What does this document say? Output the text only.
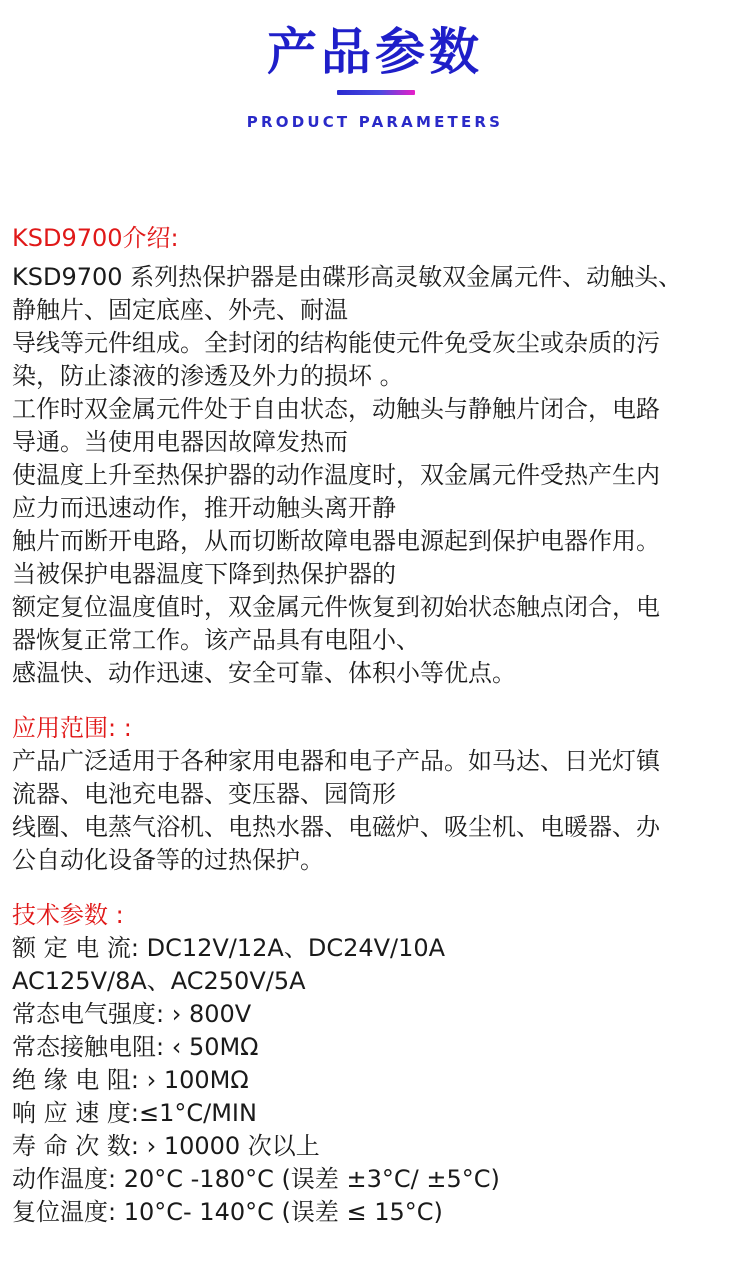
产品参数
PRODUCT PARAMETERS

KSD9700介绍:

KSD9700 系列热保护器是由碟形高灵敏双金属元件、动触头、
静触片、固定底座、外壳、耐温
导线等元件组成。全封闭的结构能使元件免受灰尘或杂质的污
染，防止漆液的渗透及外力的损坏 。
工作时双金属元件处于自由状态，动触头与静触片闭合，电路
导通。当使用电器因故障发热而
使温度上升至热保护器的动作温度时，双金属元件受热产生内
应力而迅速动作，推开动触头离开静
触片而断开电路，从而切断故障电器电源起到保护电器作用。
当被保护电器温度下降到热保护器的
额定复位温度值时，双金属元件恢复到初始状态触点闭合，电
器恢复正常工作。该产品具有电阻小、
感温快、动作迅速、安全可靠、体积小等优点。

应用范围: :

产品广泛适用于各种家用电器和电子产品。如马达、日光灯镇
流器、电池充电器、变压器、园筒形
线圈、电蒸气浴机、电热水器、电磁炉、吸尘机、电暖器、办
公自动化设备等的过热保护。

技术参数 :

额 定 电 流: DC12V/12A、DC24V/10A
AC125V/8A、AC250V/5A
常态电气强度: › 800V
常态接触电阻: ‹ 50MΩ
绝 缘 电 阻: › 100MΩ
响 应 速 度:≤1°C/MIN
寿 命 次 数: › 10000 次以上
动作温度: 20°C -180°C (误差 ±3°C/ ±5°C)
复位温度: 10°C- 140°C (误差 ≤ 15°C)
